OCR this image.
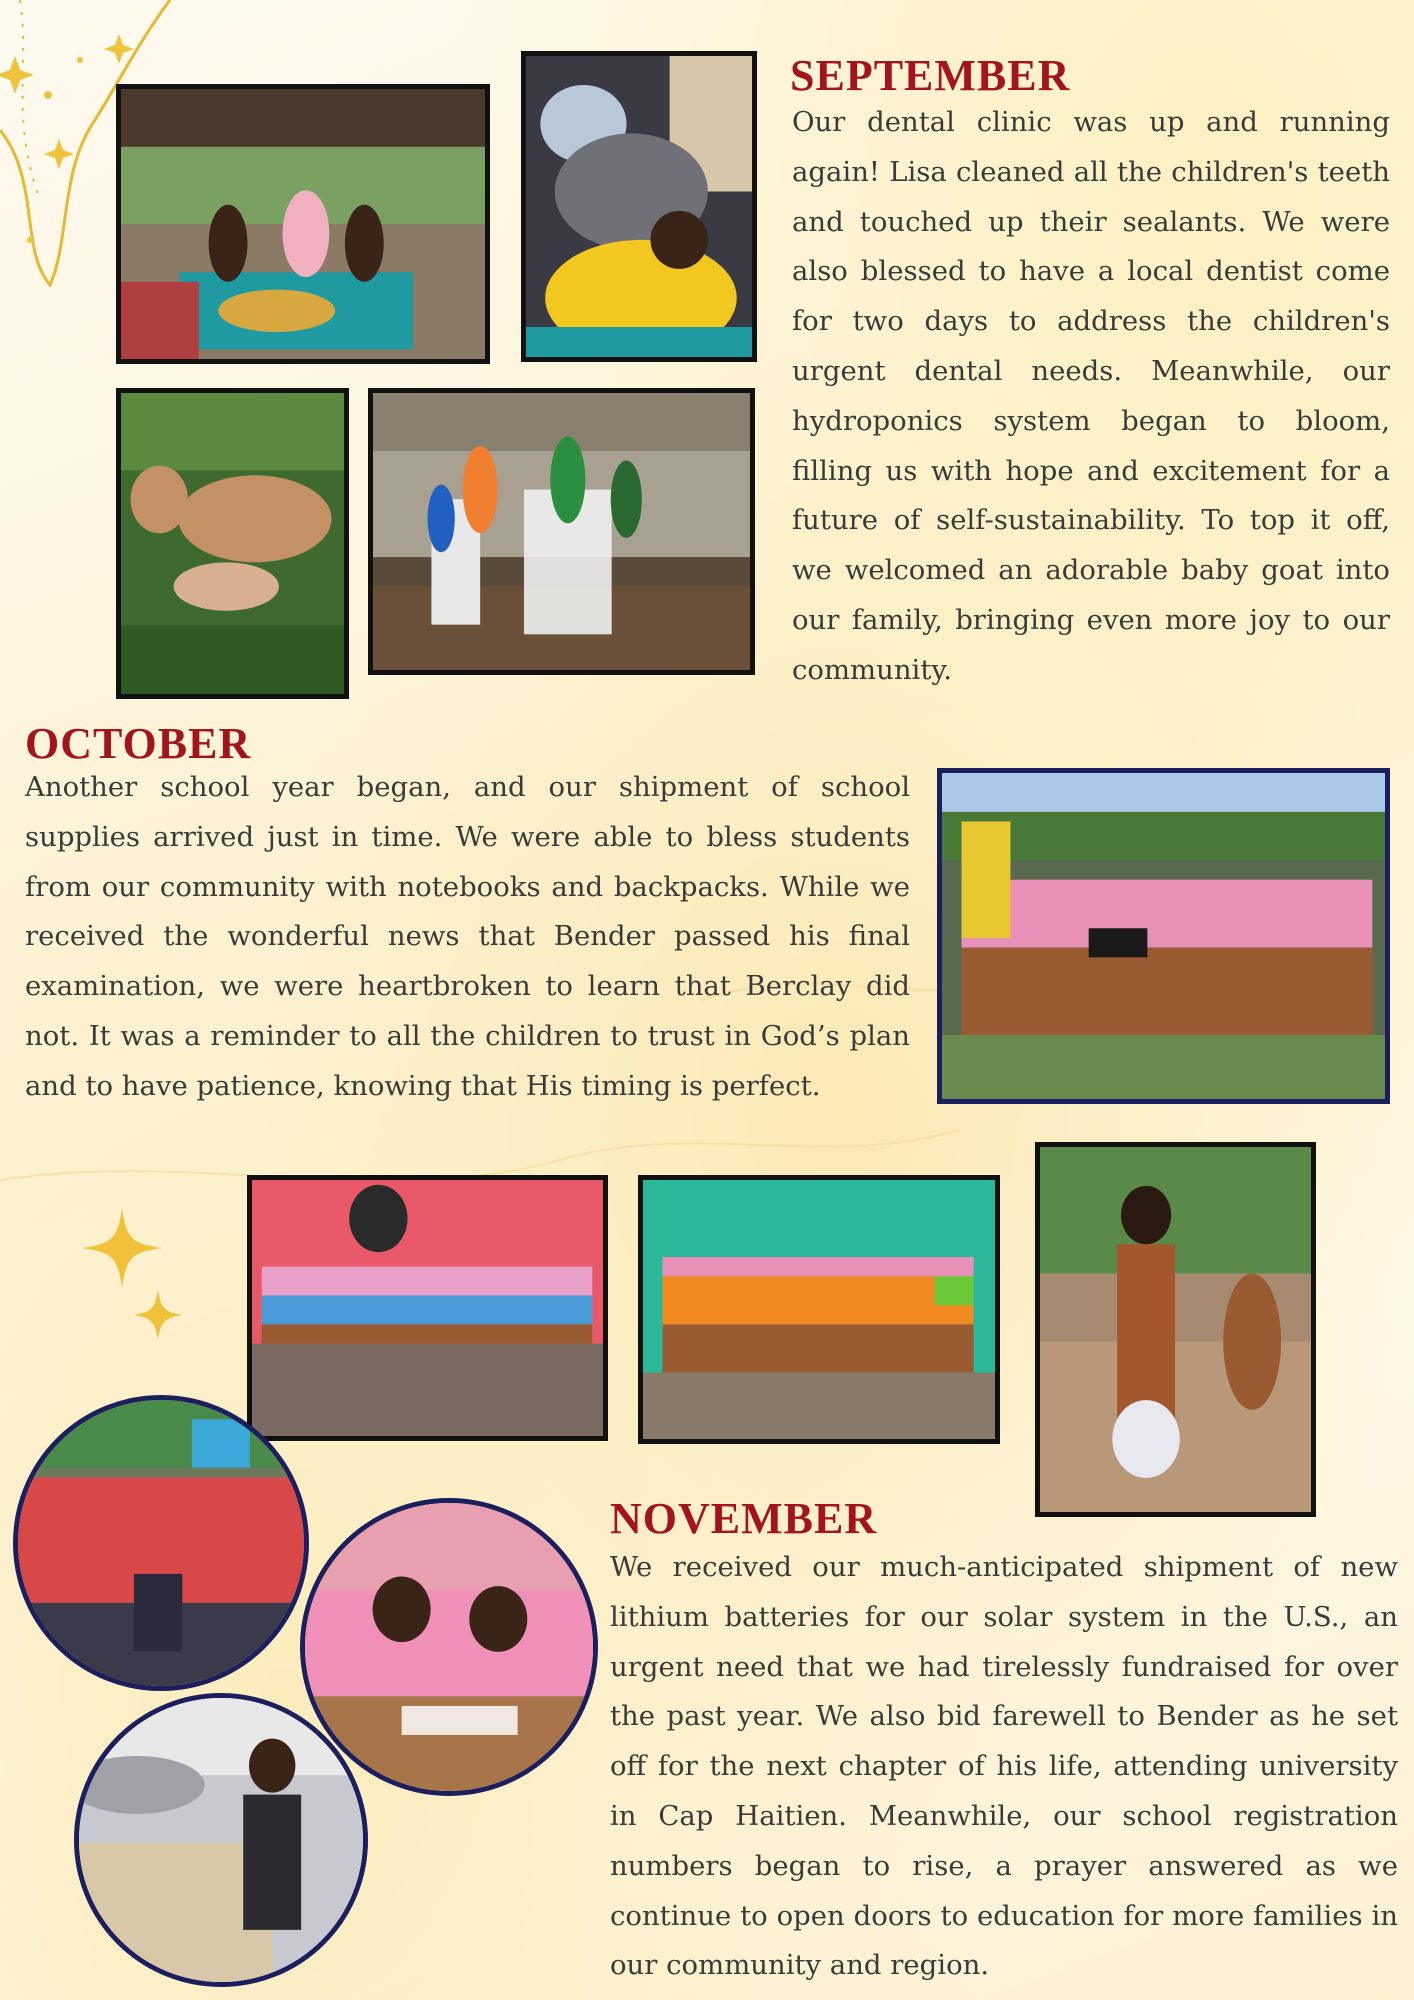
SEPTEMBER

Our dental clinic was up and running again! Lisa cleaned all the children's teeth and touched up their sealants. We were also blessed to have a local dentist come for two days to address the children's urgent dental needs. Meanwhile, our hydroponics system began to bloom, filling us with hope and excitement for a future of self-sustainability. To top it off, we welcomed an adorable baby goat into our family, bringing even more joy to our community.

OCTOBER

Another school year began, and our shipment of school supplies arrived just in time. We were able to bless students from our community with notebooks and backpacks. While we received the wonderful news that Bender passed his final examination, we were heartbroken to learn that Berclay did not. It was a reminder to all the children to trust in God’s plan and to have patience, knowing that His timing is perfect.

NOVEMBER

We received our much-anticipated shipment of new lithium batteries for our solar system in the U.S., an urgent need that we had tirelessly fundraised for over the past year. We also bid farewell to Bender as he set off for the next chapter of his life, attending university in Cap Haitien. Meanwhile, our school registration numbers began to rise, a prayer answered as we continue to open doors to education for more families in our community and region.
